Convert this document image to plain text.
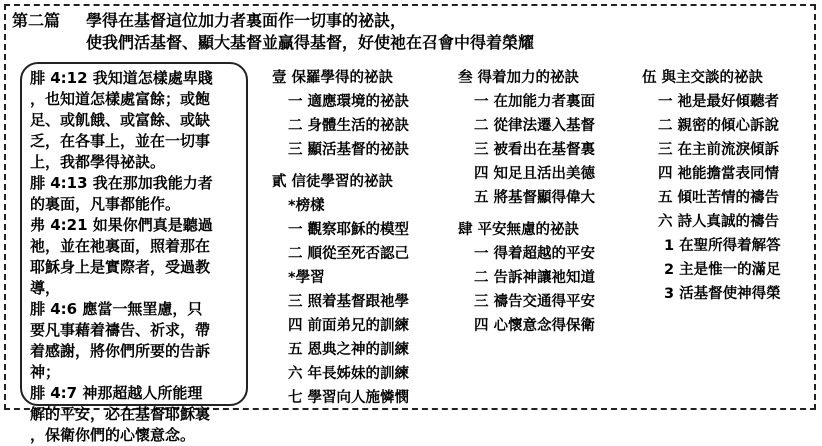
第二篇 學得在基督這位加力者裏面作一切事的祕訣，
使我們活基督、顯大基督並贏得基督，好使祂在召會中得着榮耀
腓 4:12 我知道怎樣處卑賤
，也知道怎樣處富餘；或飽
足、或飢餓、或富餘、或缺
乏，在各事上，並在一切事
上，我都學得祕訣。
腓 4:13 我在那加我能力者
的裏面，凡事都能作。
弗 4:21 如果你們真是聽過
祂，並在祂裏面，照着那在
耶穌身上是實際者，受過教
導，
腓 4:6 應當一無罣慮，只
要凡事藉着禱告、祈求，帶
着感謝，將你們所要的告訴
神；
腓 4:7 神那超越人所能理
解的平安，必在基督耶穌裏
，保衛你們的心懷意念。
壹 保羅學得的祕訣
一 適應環境的祕訣
二 身體生活的祕訣
三 顯活基督的祕訣
貳 信徒學習的祕訣
*榜樣
一 觀察耶穌的模型
二 順從至死否認己
*學習
三 照着基督跟祂學
四 前面弟兄的訓練
五 恩典之神的訓練
六 年長姊妹的訓練
七 學習向人施憐憫
叁 得着加力的祕訣
一 在加能力者裏面
二 從律法遷入基督
三 被看出在基督裏
四 知足且活出美德
五 將基督顯得偉大
肆 平安無慮的祕訣
一 得着超越的平安
二 告訴神讓祂知道
三 禱告交通得平安
四 心懷意念得保衛
伍 與主交談的祕訣
一 祂是最好傾聽者
二 親密的傾心訴說
三 在主前流淚傾訴
四 祂能擔當表同情
五 傾吐苦情的禱告
六 詩人真誠的禱告
1 在聖所得着解答
2 主是惟一的滿足
3 活基督使神得榮
